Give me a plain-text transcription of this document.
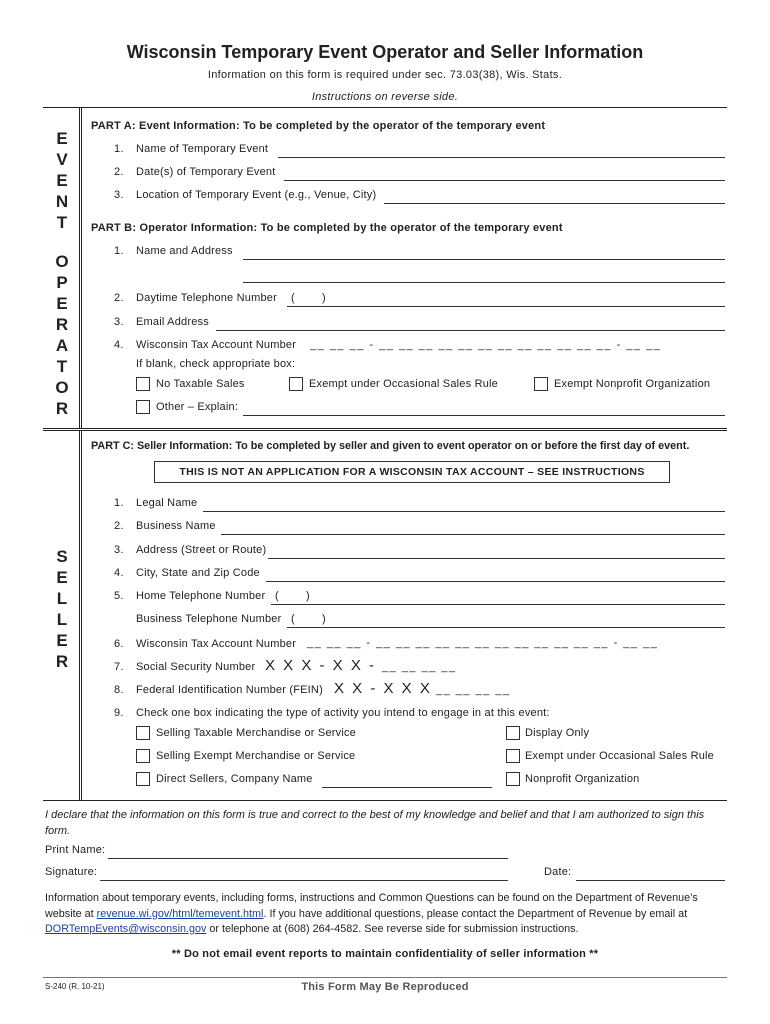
Wisconsin Temporary Event Operator and Seller Information
Information on this form is required under sec. 73.03(38), Wis. Stats.
Instructions on reverse side.
E
V
E
N
T
O
P
E
R
A
T
O
R
S
E
L
L
E
R
PART A: Event Information: To be completed by the operator of the temporary event
1. Name of Temporary Event
2. Date(s) of Temporary Event
3. Location of Temporary Event (e.g., Venue, City)
PART B: Operator Information: To be completed by the operator of the temporary event
1. Name and Address
2. Daytime Telephone Number ( )
3. Email Address
4. Wisconsin Tax Account Number __ __ __ - __ __ __ __ __ __ __ __ __ __ __ __ - __ __
If blank, check appropriate box:
No Taxable Sales	Exempt under Occasional Sales Rule	Exempt Nonprofit Organization
Other – Explain:
PART C: Seller Information: To be completed by seller and given to event operator on or before the first day of event.
THIS IS NOT AN APPLICATION FOR A WISCONSIN TAX ACCOUNT – SEE INSTRUCTIONS
1. Legal Name
2. Business Name
3. Address (Street or Route)
4. City, State and Zip Code
5. Home Telephone Number ( )
Business Telephone Number ( )
6. Wisconsin Tax Account Number __ __ __ - __ __ __ __ __ __ __ __ __ __ __ __ - __ __
7. Social Security Number X X X - X X - __ __ __ __
8. Federal Identification Number (FEIN) X X - X X X __ __ __ __
9. Check one box indicating the type of activity you intend to engage in at this event:
Selling Taxable Merchandise or Service	Display Only
Selling Exempt Merchandise or Service	Exempt under Occasional Sales Rule
Direct Sellers, Company Name	Nonprofit Organization
I declare that the information on this form is true and correct to the best of my knowledge and belief and that I am authorized to sign this form.
Print Name:
Signature:	Date:
Information about temporary events, including forms, instructions and Common Questions can be found on the Department of Revenue’s website at revenue.wi.gov/html/temevent.html. If you have additional questions, please contact the Department of Revenue by email at DORTempEvents@wisconsin.gov or telephone at (608) 264-4582. See reverse side for submission instructions.
** Do not email event reports to maintain confidentiality of seller information **
S-240 (R. 10-21)	This Form May Be Reproduced
